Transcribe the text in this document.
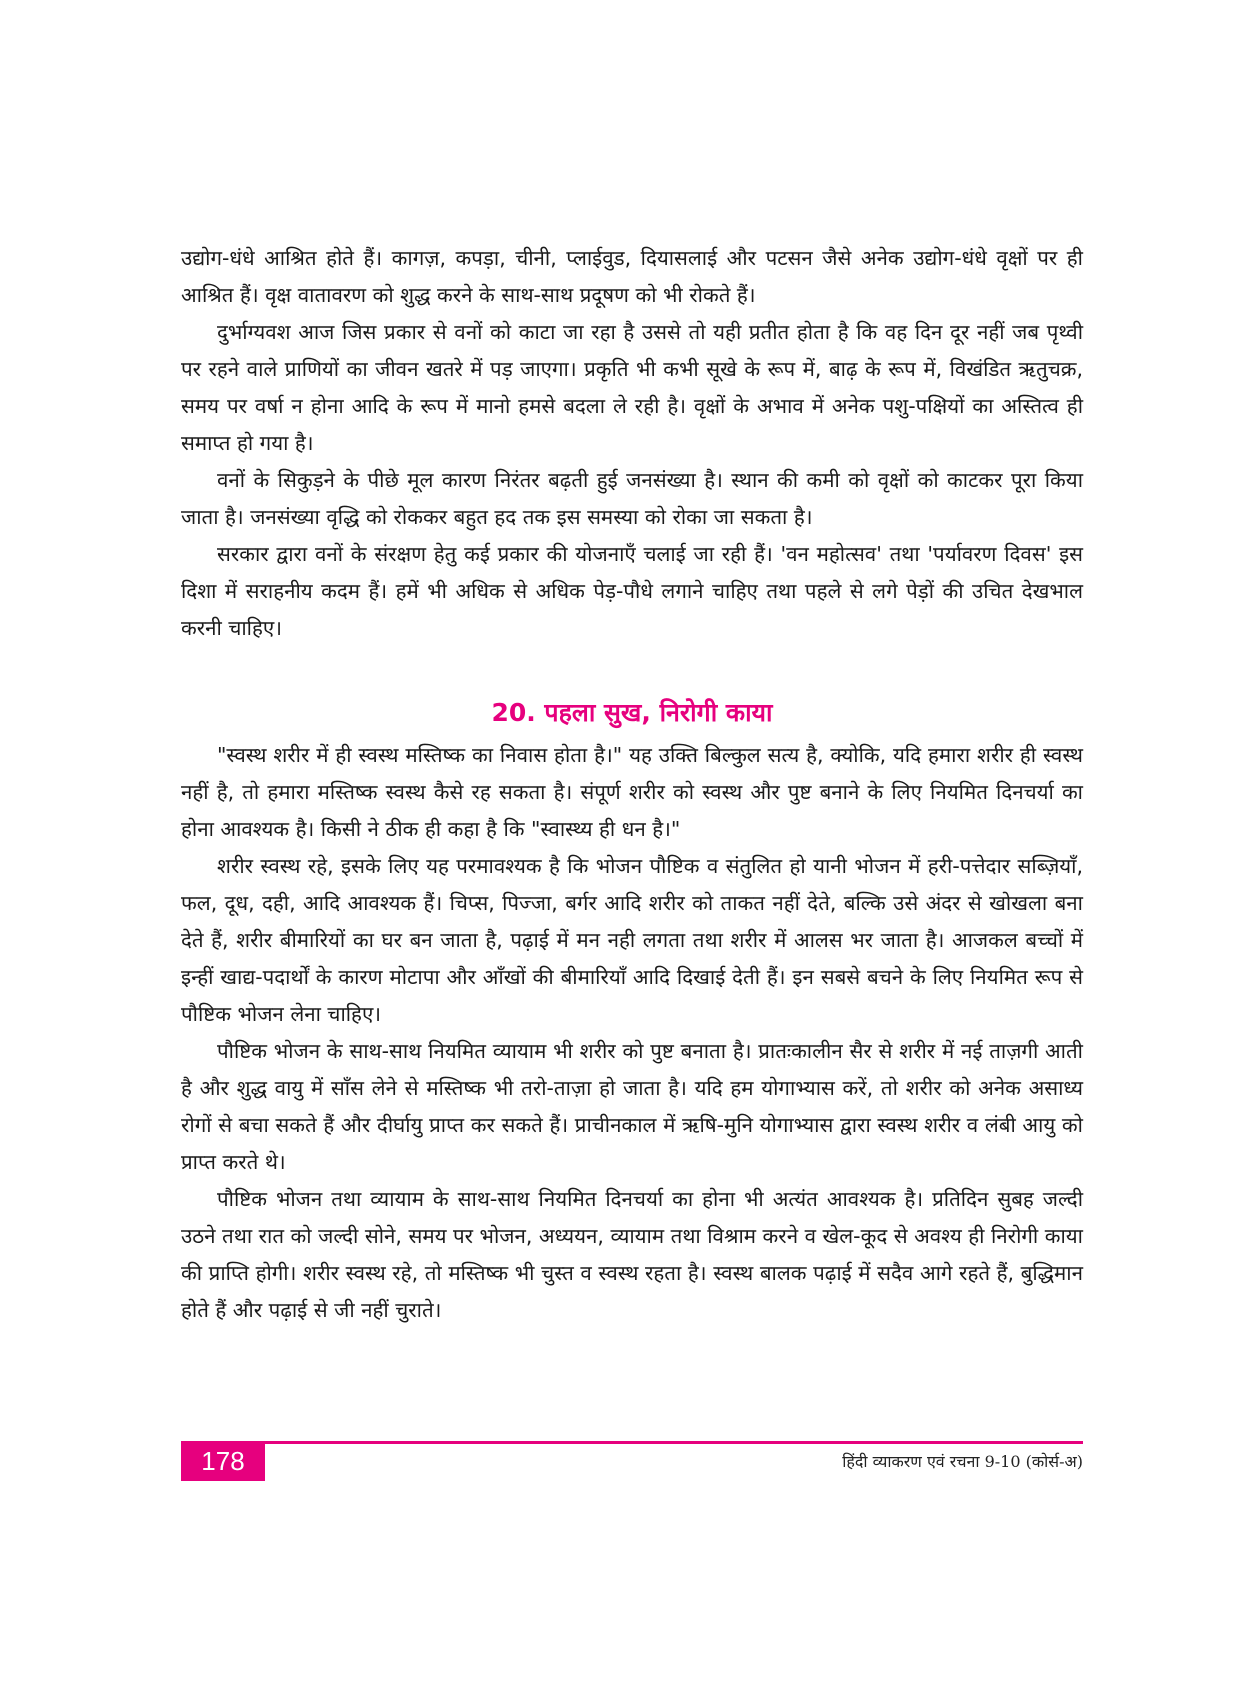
उद्योग-धंधे आश्रित होते हैं। कागज़, कपड़ा, चीनी, प्लाईवुड, दियासलाई और पटसन जैसे अनेक उद्योग-धंधे वृक्षों पर ही आश्रित हैं। वृक्ष वातावरण को शुद्ध करने के साथ-साथ प्रदूषण को भी रोकते हैं।

दुर्भाग्यवश आज जिस प्रकार से वनों को काटा जा रहा है उससे तो यही प्रतीत होता है कि वह दिन दूर नहीं जब पृथ्वी पर रहने वाले प्राणियों का जीवन खतरे में पड़ जाएगा। प्रकृति भी कभी सूखे के रूप में, बाढ़ के रूप में, विखंडित ऋतुचक्र, समय पर वर्षा न होना आदि के रूप में मानो हमसे बदला ले रही है। वृक्षों के अभाव में अनेक पशु-पक्षियों का अस्तित्व ही समाप्त हो गया है।

वनों के सिकुड़ने के पीछे मूल कारण निरंतर बढ़ती हुई जनसंख्या है। स्थान की कमी को वृक्षों को काटकर पूरा किया जाता है। जनसंख्या वृद्धि को रोककर बहुत हद तक इस समस्या को रोका जा सकता है।

सरकार द्वारा वनों के संरक्षण हेतु कई प्रकार की योजनाएँ चलाई जा रही हैं। 'वन महोत्सव' तथा 'पर्यावरण दिवस' इस दिशा में सराहनीय कदम हैं। हमें भी अधिक से अधिक पेड़-पौधे लगाने चाहिए तथा पहले से लगे पेड़ों की उचित देखभाल करनी चाहिए।

20. पहला सुख, निरोगी काया

"स्वस्थ शरीर में ही स्वस्थ मस्तिष्क का निवास होता है।" यह उक्ति बिल्कुल सत्य है, क्योकि, यदि हमारा शरीर ही स्वस्थ नहीं है, तो हमारा मस्तिष्क स्वस्थ कैसे रह सकता है। संपूर्ण शरीर को स्वस्थ और पुष्ट बनाने के लिए नियमित दिनचर्या का होना आवश्यक है। किसी ने ठीक ही कहा है कि "स्वास्थ्य ही धन है।"

शरीर स्वस्थ रहे, इसके लिए यह परमावश्यक है कि भोजन पौष्टिक व संतुलित हो यानी भोजन में हरी-पत्तेदार सब्ज़ियाँ, फल, दूध, दही, आदि आवश्यक हैं। चिप्स, पिज्जा, बर्गर आदि शरीर को ताकत नहीं देते, बल्कि उसे अंदर से खोखला बना देते हैं, शरीर बीमारियों का घर बन जाता है, पढ़ाई में मन नही लगता तथा शरीर में आलस भर जाता है। आजकल बच्चों में इन्हीं खाद्य-पदार्थों के कारण मोटापा और आँखों की बीमारियाँ आदि दिखाई देती हैं। इन सबसे बचने के लिए नियमित रूप से पौष्टिक भोजन लेना चाहिए।

पौष्टिक भोजन के साथ-साथ नियमित व्यायाम भी शरीर को पुष्ट बनाता है। प्रातःकालीन सैर से शरीर में नई ताज़गी आती है और शुद्ध वायु में साँस लेने से मस्तिष्क भी तरो-ताज़ा हो जाता है। यदि हम योगाभ्यास करें, तो शरीर को अनेक असाध्य रोगों से बचा सकते हैं और दीर्घायु प्राप्त कर सकते हैं। प्राचीनकाल में ऋषि-मुनि योगाभ्यास द्वारा स्वस्थ शरीर व लंबी आयु को प्राप्त करते थे।

पौष्टिक भोजन तथा व्यायाम के साथ-साथ नियमित दिनचर्या का होना भी अत्यंत आवश्यक है। प्रतिदिन सुबह जल्दी उठने तथा रात को जल्दी सोने, समय पर भोजन, अध्ययन, व्यायाम तथा विश्राम करने व खेल-कूद से अवश्य ही निरोगी काया की प्राप्ति होगी। शरीर स्वस्थ रहे, तो मस्तिष्क भी चुस्त व स्वस्थ रहता है। स्वस्थ बालक पढ़ाई में सदैव आगे रहते हैं, बुद्धिमान होते हैं और पढ़ाई से जी नहीं चुराते।

178	हिंदी व्याकरण एवं रचना 9-10 (कोर्स-अ)
